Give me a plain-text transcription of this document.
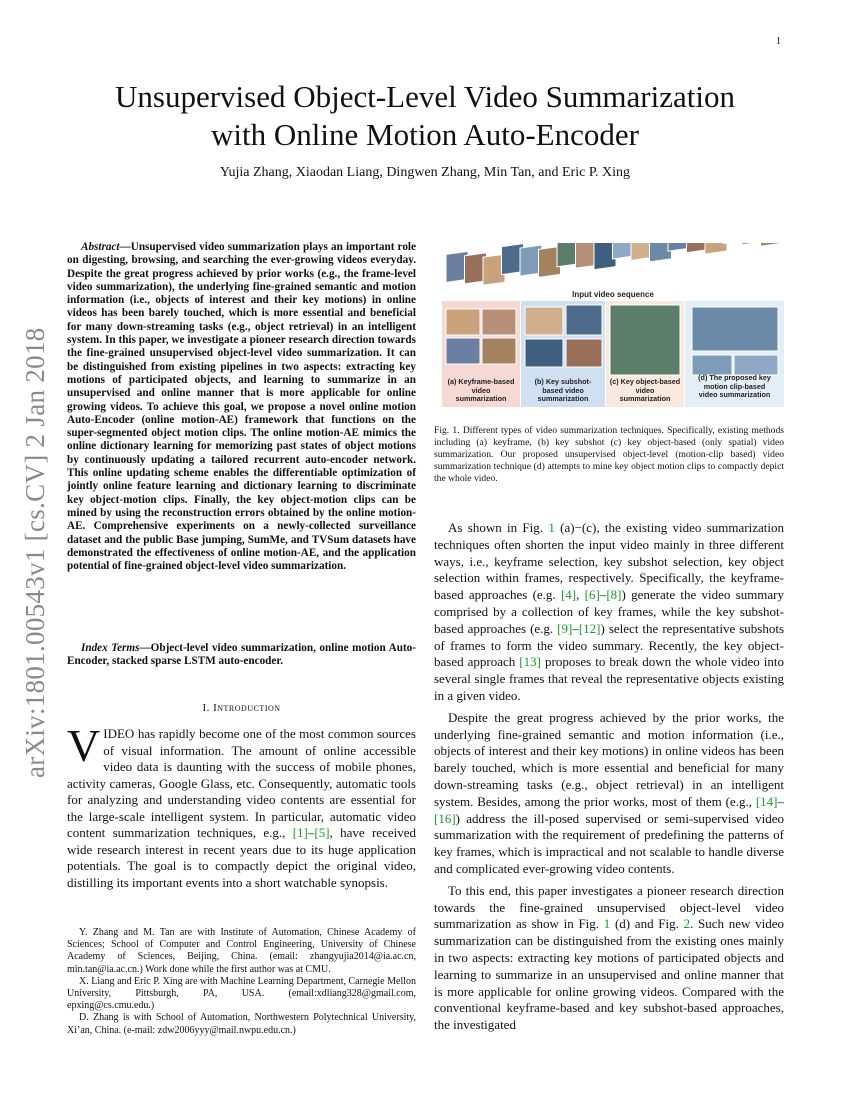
1
arXiv:1801.00543v1 [cs.CV] 2 Jan 2018
Unsupervised Object-Level Video Summarization
with Online Motion Auto-Encoder
Yujia Zhang, Xiaodan Liang, Dingwen Zhang, Min Tan, and Eric P. Xing

Abstract—Unsupervised video summarization plays an important role on digesting, browsing, and searching the ever-growing videos everyday. Despite the great progress achieved by prior works (e.g., the frame-level video summarization), the underlying fine-grained semantic and motion information (i.e., objects of interest and their key motions) in online videos has been barely touched, which is more essential and beneficial for many down-streaming tasks (e.g., object retrieval) in an intelligent system. In this paper, we investigate a pioneer research direction towards the fine-grained unsupervised object-level video summarization. It can be distinguished from existing pipelines in two aspects: extracting key motions of participated objects, and learning to summarize in an unsupervised and online manner that is more applicable for online growing videos. To achieve this goal, we propose a novel online motion Auto-Encoder (online motion-AE) framework that functions on the super-segmented object motion clips. The online motion-AE mimics the online dictionary learning for memorizing past states of object motions by continuously updating a tailored recurrent auto-encoder network. This online updating scheme enables the differentiable optimization of jointly online feature learning and dictionary learning to discriminate key object-motion clips. Finally, the key object-motion clips can be mined by using the reconstruction errors obtained by the online motion-AE. Comprehensive experiments on a newly-collected surveillance dataset and the public Base jumping, SumMe, and TVSum datasets have demonstrated the effectiveness of online motion-AE, and the application potential of fine-grained object-level video summarization.

Index Terms—Object-level video summarization, online motion Auto-Encoder, stacked sparse LSTM auto-encoder.
I. Introduction
VIDEO has rapidly become one of the most common sources of visual information. The amount of online accessible video data is daunting with the success of mobile phones, activity cameras, Google Glass, etc. Consequently, automatic tools for analyzing and understanding video contents are essential for the large-scale intelligent system. In particular, automatic video content summarization techniques, e.g., [1]–[5], have received wide research interest in recent years due to its huge application potentials. The goal is to compactly depict the original video, distilling its important events into a short watchable synopsis.

Y. Zhang and M. Tan are with Institute of Automation, Chinese Academy of Sciences; School of Computer and Control Engineering, University of Chinese Academy of Sciences, Beijing, China. (email: zhangyujia2014@ia.ac.cn, min.tan@ia.ac.cn.) Work done while the first author was at CMU.

X. Liang and Eric P. Xing are with Machine Learning Department, Carnegie Mellon University, Pittsburgh, PA, USA. (email:xdliang328@gmail.com, epxing@cs.cmu.edu.)

D. Zhang is with School of Automation, Northwestern Polytechnical University, Xi’an, China. (e-mail: zdw2006yyy@mail.nwpu.edu.cn.)

Input video sequence
(a) Keyframe-based
video
summarization
(b) Key subshot-
based video
summarization
(c) Key object-based
video
summarization
(d) The proposed key
motion clip-based
video summarization
Fig. 1. Different types of video summarization techniques. Specifically, existing methods including (a) keyframe, (b) key subshot (c) key object-based (only spatial) video summarization. Our proposed unsupervised object-level (motion-clip based) video summarization technique (d) attempts to mine key object motion clips to compactly depict the whole video.

As shown in Fig. 1 (a)−(c), the existing video summarization techniques often shorten the input video mainly in three different ways, i.e., keyframe selection, key subshot selection, key object selection within frames, respectively. Specifically, the keyframe-based approaches (e.g. [4], [6]–[8]) generate the video summary comprised by a collection of key frames, while the key subshot-based approaches (e.g. [9]–[12]) select the representative subshots of frames to form the video summary. Recently, the key object-based approach [13] proposes to break down the whole video into several single frames that reveal the representative objects existing in a given video.

Despite the great progress achieved by the prior works, the underlying fine-grained semantic and motion information (i.e., objects of interest and their key motions) in online videos has been barely touched, which is more essential and beneficial for many down-streaming tasks (e.g., object retrieval) in an intelligent system. Besides, among the prior works, most of them (e.g., [14]–[16]) address the ill-posed supervised or semi-supervised video summarization with the requirement of predefining the patterns of key frames, which is impractical and not scalable to handle diverse and complicated ever-growing video contents.

To this end, this paper investigates a pioneer research direction towards the fine-grained unsupervised object-level video summarization as show in Fig. 1 (d) and Fig. 2. Such new video summarization can be distinguished from the existing ones mainly in two aspects: extracting key motions of participated objects and learning to summarize in an unsupervised and online manner that is more applicable for online growing videos. Compared with the conventional keyframe-based and key subshot-based approaches, the investigated
